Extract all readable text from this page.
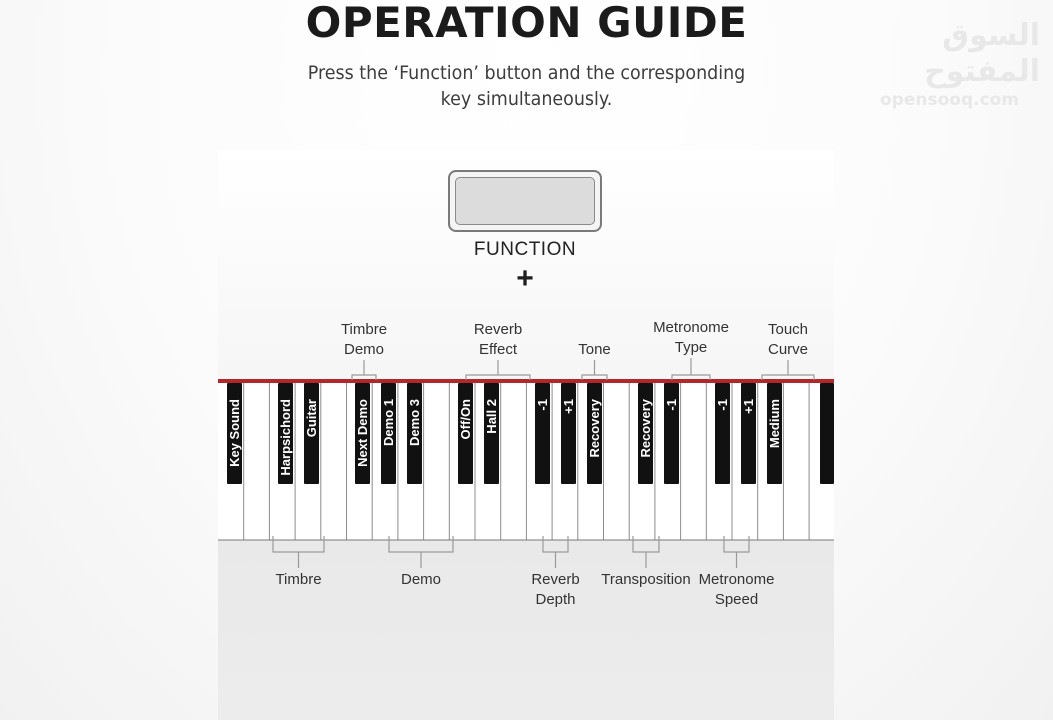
OPERATION GUIDE
Press the ‘Function’ button and the corresponding
key simultaneously.
السوق المفتوح
opensooq.com
FUNCTION
+
Key Sound	Harpsichord Guitar	Next Demo Demo 1 Demo 3	Off/On Hall 2	-1 +1 Recovery	Recovery -1	-1 +1 Medium
Timbre
Demo
Reverb
Effect	Tone
Metronome
Type
Touch
Curve
Timbre	Demo	Reverb
Depth
Transposition Metronome
Speed
